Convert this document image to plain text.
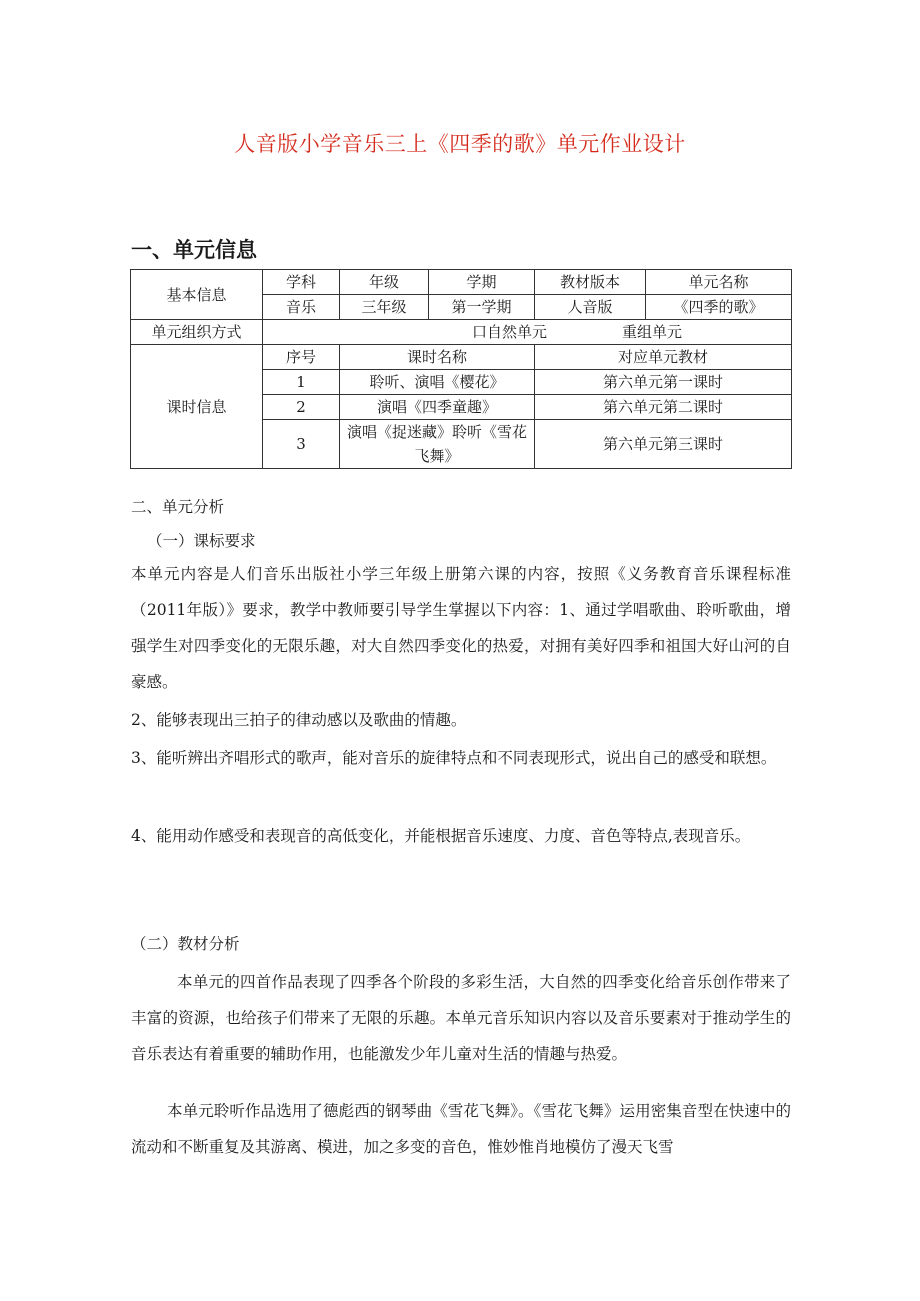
人音版小学音乐三上《四季的歌》单元作业设计
一、单元信息
基本信息	学科	年级	学期	教材版本	单元名称
	音乐	三年级	第一学期	人音版	《四季的歌》
单元组织方式	口自然单元 重组单元				
课时信息	序号	课时名称		对应单元教材	
	1	聆听、演唱《樱花》		第六单元第一课时	
	2	演唱《四季童趣》		第六单元第二课时	
	3	演唱《捉迷藏》聆听《雪花飞舞》		第六单元第三课时	
二、单元分析
（一）课标要求
本单元内容是人们音乐出版社小学三年级上册第六课的内容，按照《义务教育音乐课程标准（2011年版）》要求，教学中教师要引导学生掌握以下内容：1、通过学唱歌曲、聆听歌曲，增强学生对四季变化的无限乐趣，对大自然四季变化的热爱，对拥有美好四季和祖国大好山河的自豪感。
2、能够表现出三拍子的律动感以及歌曲的情趣。
3、能听辨出齐唱形式的歌声，能对音乐的旋律特点和不同表现形式，说出自己的感受和联想。
4、能用动作感受和表现音的高低变化，并能根据音乐速度、力度、音色等特点,表现音乐。
（二）教材分析
本单元的四首作品表现了四季各个阶段的多彩生活，大自然的四季变化给音乐创作带来了丰富的资源，也给孩子们带来了无限的乐趣。本单元音乐知识内容以及音乐要素对于推动学生的音乐表达有着重要的辅助作用，也能激发少年儿童对生活的情趣与热爱。
本单元聆听作品选用了德彪西的钢琴曲《雪花飞舞》。《雪花飞舞》运用密集音型在快速中的流动和不断重复及其游离、模进，加之多变的音色，惟妙惟肖地模仿了漫天飞雪
